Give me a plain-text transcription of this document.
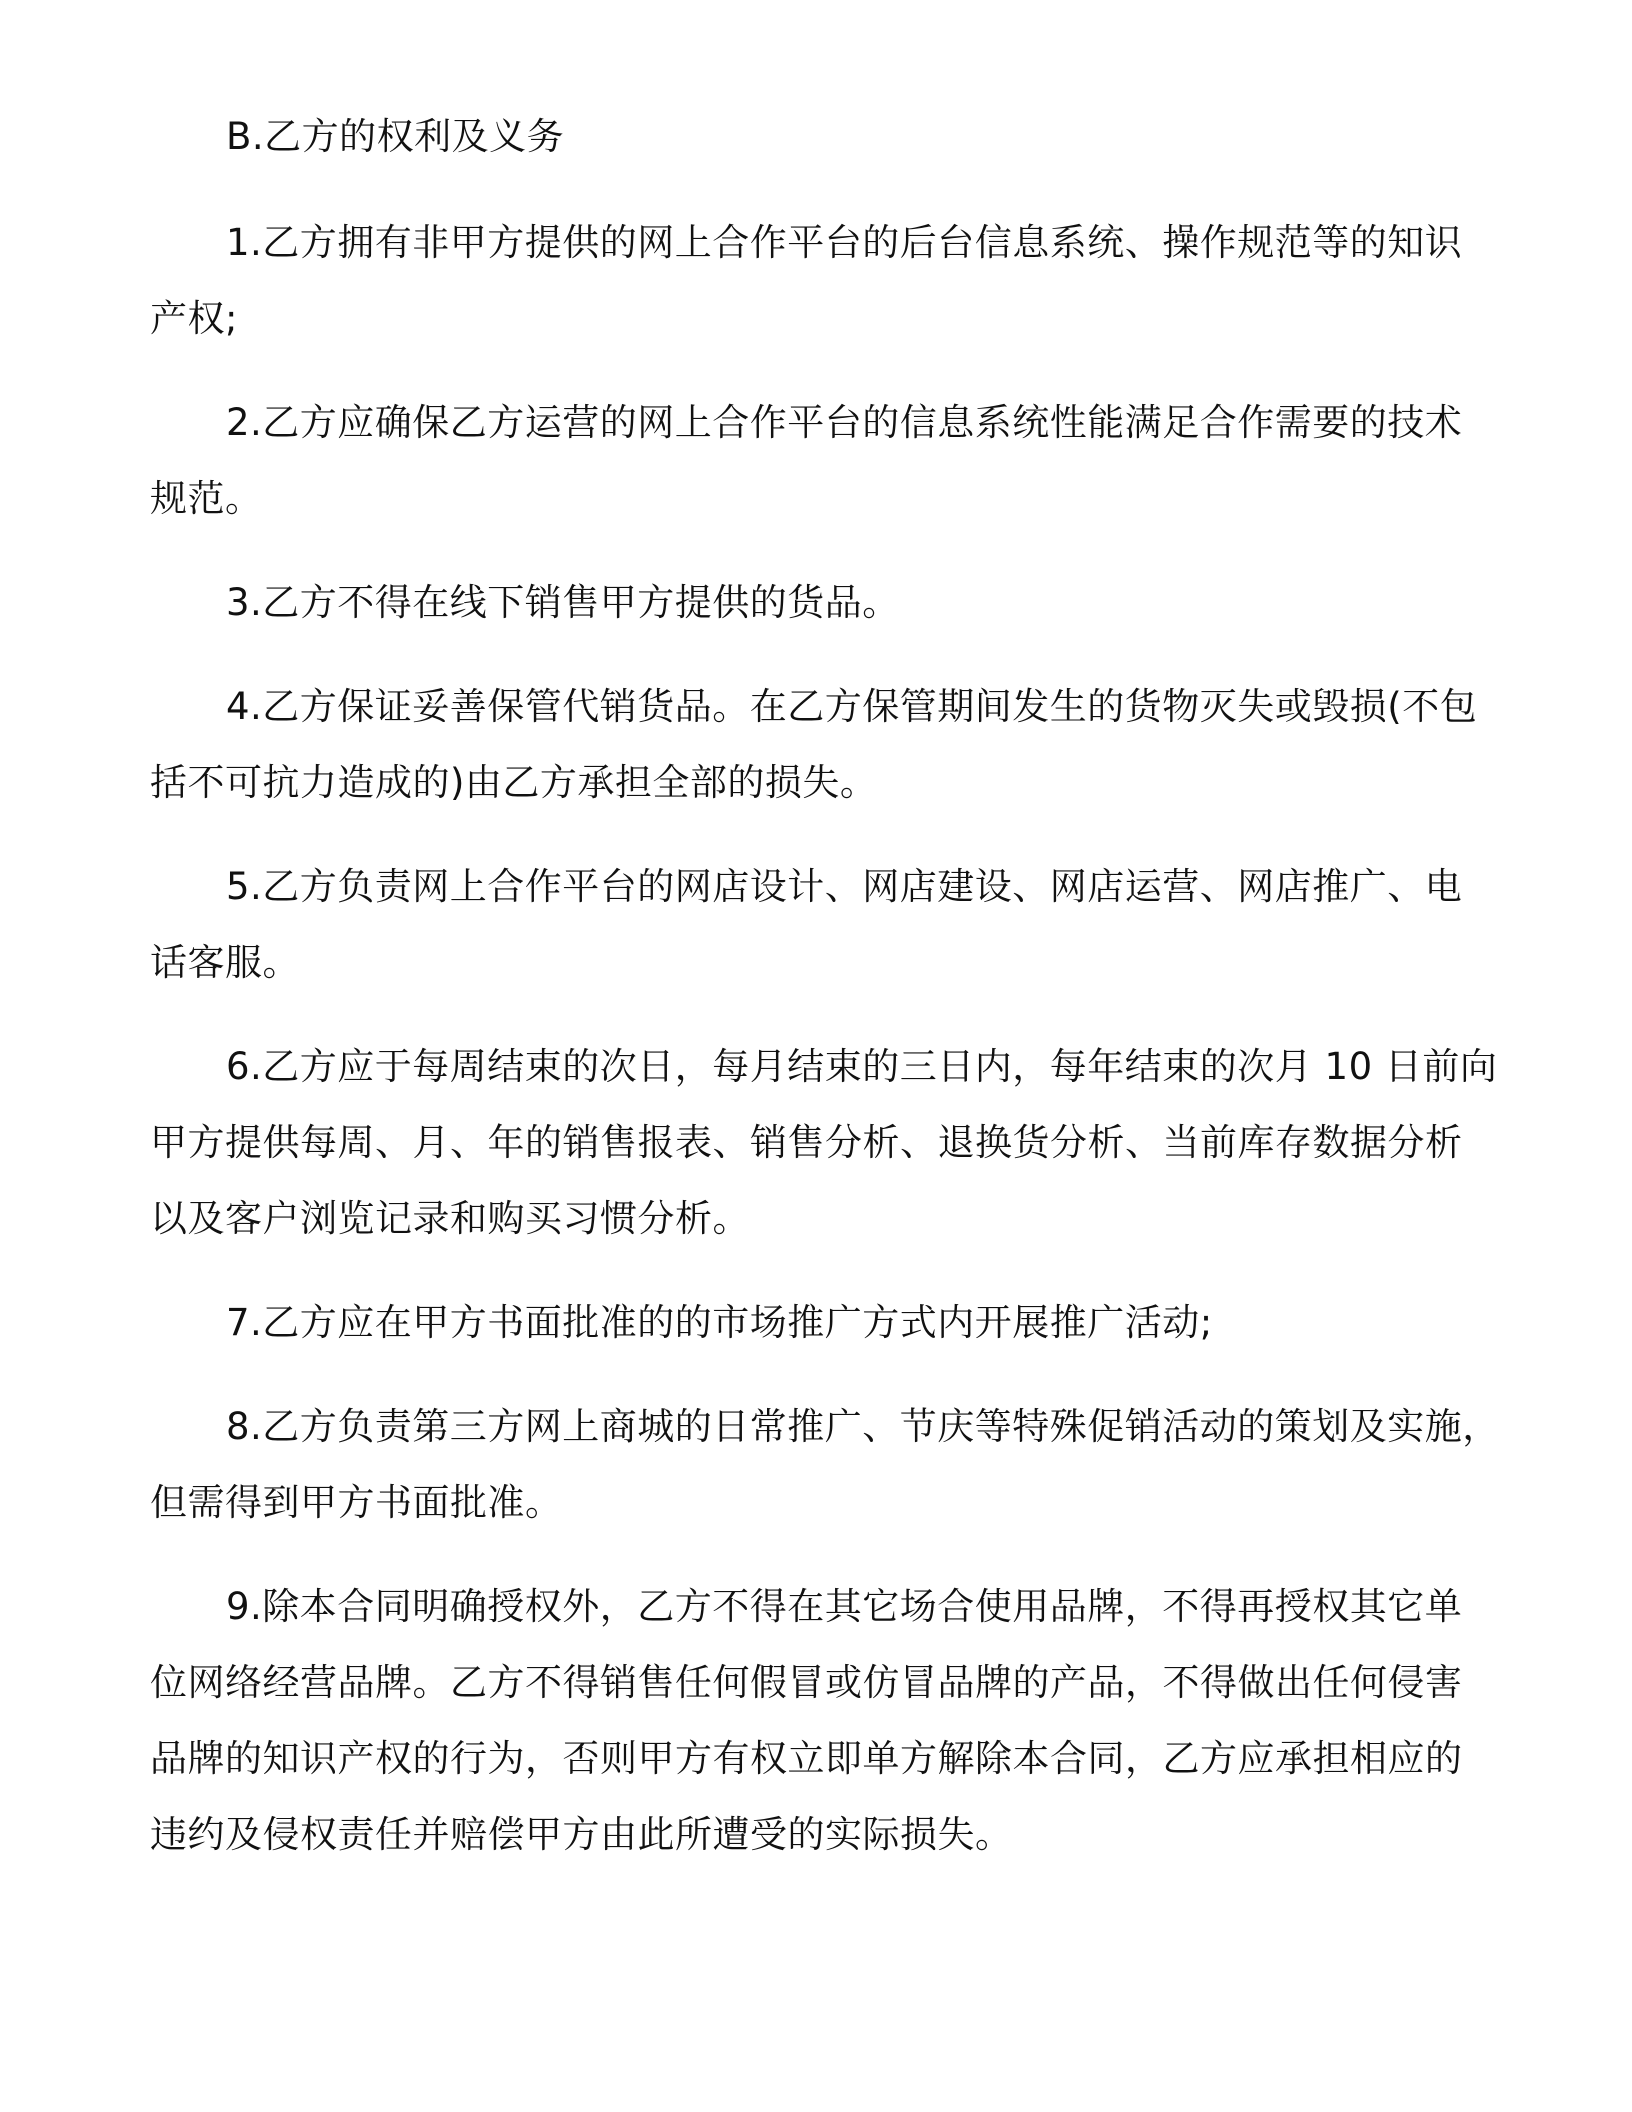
B.乙方的权利及义务

1.乙方拥有非甲方提供的网上合作平台的后台信息系统、操作规范等的知识

产权;

2.乙方应确保乙方运营的网上合作平台的信息系统性能满足合作需要的技术

规范。

3.乙方不得在线下销售甲方提供的货品。

4.乙方保证妥善保管代销货品。在乙方保管期间发生的货物灭失或毁损(不包

括不可抗力造成的)由乙方承担全部的损失。

5.乙方负责网上合作平台的网店设计、网店建设、网店运营、网店推广、电

话客服。

6.乙方应于每周结束的次日，每月结束的三日内，每年结束的次月 10 日前向

甲方提供每周、月、年的销售报表、销售分析、退换货分析、当前库存数据分析

以及客户浏览记录和购买习惯分析。

7.乙方应在甲方书面批准的的市场推广方式内开展推广活动;

8.乙方负责第三方网上商城的日常推广、节庆等特殊促销活动的策划及实施，

但需得到甲方书面批准。

9.除本合同明确授权外，乙方不得在其它场合使用品牌，不得再授权其它单

位网络经营品牌。乙方不得销售任何假冒或仿冒品牌的产品，不得做出任何侵害

品牌的知识产权的行为，否则甲方有权立即单方解除本合同，乙方应承担相应的

违约及侵权责任并赔偿甲方由此所遭受的实际损失。
